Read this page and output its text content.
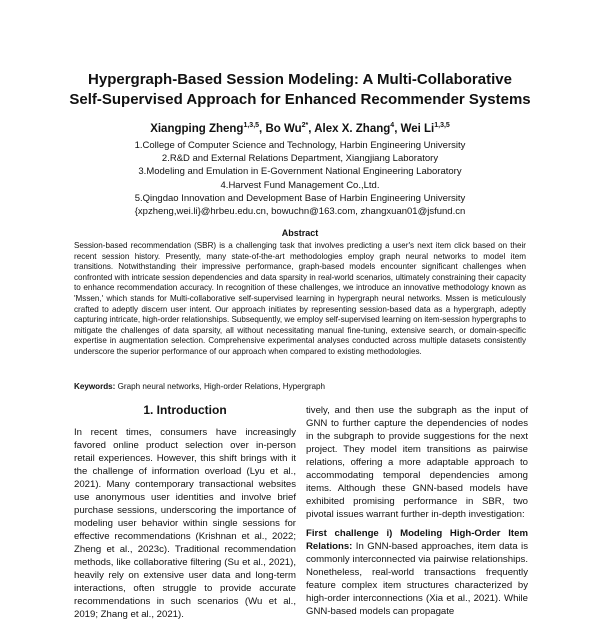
Hypergraph-Based Session Modeling: A Multi-Collaborative
Self-Supervised Approach for Enhanced Recommender Systems
Xiangping Zheng$^{1,3,5}$, Bo $Wu^{2*}$, Alex X. Zhang$^4$, Wei Li$^{1,3,5}$
1.College of Computer Science and Technology, Harbin Engineering University
2.R&D and External Relations Department, Xiangjiang Laboratory
3.Modeling and Emulation in E-Government National Engineering Laboratory
4.Harvest Fund Management Co.,Ltd.
5.Qingdao Innovation and Development Base of Harbin Engineering University
{xpzheng,wei.li}@hrbeu.edu.cn, bowuchn@163.com, zhangxuan01@jsfund.cn
Abstract
Session-based recommendation (SBR) is a challenging task that involves predicting a user's next item click based on their recent session history. Presently, many state-of-the-art methodologies employ graph neural networks to model item transitions. Notwithstanding their impressive performance, graph-based models encounter significant challenges when confronted with intricate session dependencies and data sparsity in real-world scenarios, ultimately constraining their capacity to enhance recommendation accuracy. In recognition of these challenges, we introduce an innovative methodology known as 'Mssen,' which stands for Multi-collaborative self-supervised learning in hypergraph neural networks. Mssen is meticulously crafted to adeptly discern user intent. Our approach initiates by representing session-based data as a hypergraph, adeptly capturing intricate, high-order relationships. Subsequently, we employ self-supervised learning on item-session hypergraphs to mitigate the challenges of data sparsity, all without necessitating manual fine-tuning, extensive search, or domain-specific expertise in augmentation selection. Comprehensive experimental analyses conducted across multiple datasets consistently underscore the superior performance of our approach when compared to existing methodologies.
Keywords: Graph neural networks, High-order Relations, Hypergraph
1. Introduction

In recent times, consumers have increasingly favored online product selection over in-person retail experiences. However, this shift brings with it the challenge of information overload (Lyu et al., 2021). Many contemporary transactional websites use anonymous user identities and involve brief purchase sessions, underscoring the importance of modeling user behavior within single sessions for effective recommendations (Krishnan et al., 2022; Zheng et al., 2023c). Traditional recommendation methods, like collaborative filtering (Su et al., 2021), heavily rely on extensive user data and long-term interactions, often struggle to provide accurate recommendations in such scenarios (Wu et al., 2019; Zhang et al., 2021).

tively, and then use the subgraph as the input of GNN to further capture the dependencies of nodes in the subgraph to provide suggestions for the next project. They model item transitions as pairwise relations, offering a more adaptable approach to accommodating temporal dependencies among items. Although these GNN-based models have exhibited promising performance in SBR, two pivotal issues warrant further in-depth investigation:

First challenge i) Modeling High-Order Item Relations: In GNN-based approaches, item data is commonly interconnected via pairwise relationships. Nonetheless, real-world transactions frequently feature complex item structures characterized by high-order interconnections (Xia et al., 2021). While GNN-based models can propagate
